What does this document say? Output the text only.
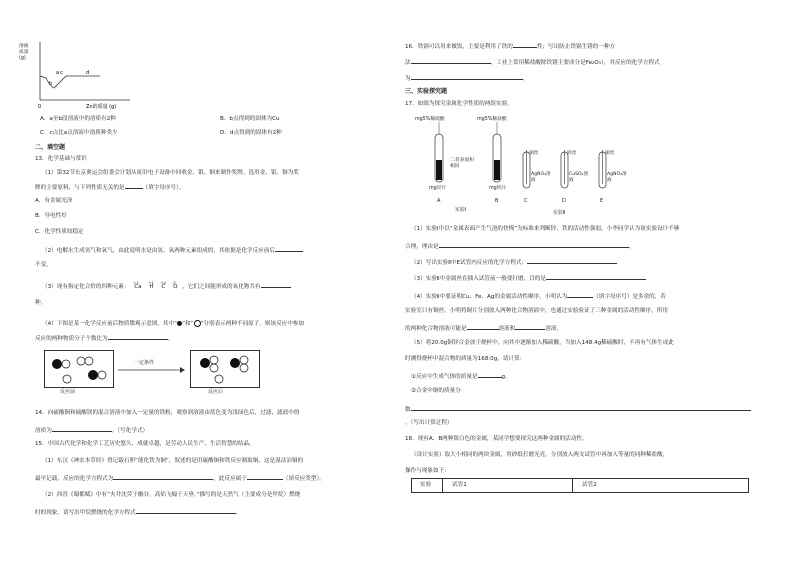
a
b
c	d
0	Zn的质量 (g)
溶液质量(g)
A．a至b段溶液中的溶质有2种	B．b点得到的固体为Cu
C．c点比a点溶液中溶质种类少	D．d点得到的固体有2种
二、填空题
13．化学基础与常识
（1）第32节东京奥运会组委会计划从废旧电子设备中回收金、银、铜来制作奖牌。选用金、银、铜为奖
牌的主要原料，与下列性质无关的是	（填字母序号）。
A．有金属光泽
B．导电性好
C．化学性质较稳定
（2）电解水生成氢气和氧气，由此说明水是由氢、氧两种元素组成的，其依据是化学反应前后
不变。
（3）现有指定化合价的四种元素：
+2
Ca
+1
H
+4
C
-2
O ，它们之间能形成的氧化物共有
种。
（4）下图是某一化学反应前后物质微观示意图，其中“ ”和“ ”分别表示两种不同原子。则该反应中参加
反应的两种物质分子个数比为	。
一定条件
反应前	反应后
14．向硫酸铜和硫酸镁的混合溶液中加入一定量的铁粉，观察到溶液由蓝色变为浅绿色后，过滤，滤液中的
溶质为	。（写化学式）
15．中国古代化学和化学工艺历史悠久、成就卓越，是劳动人民生产、生活智慧的结晶。
（1）东汉《神农本草经》曾记载石胆“能化铁为铜”，叙述的是用硫酸铜和铁反应制取铜，这是湿法冶铜的
最早记载，反应的化学方程式为	，此反应属于	（填反应类型）。
（2）西晋《蜀都赋》中有“火井沈荧于幽谷，高焰飞煽于天垂。”描写的是天然气（主要成分是甲烷）燃烧
时的现象，请写出甲烷燃烧的化学方程式	。
16．铁锅可以用来做饭，主要是利用了铁的	性；写出防止铁锅生锈的一种方
法	。工业上常用稀盐酸除铁锈主要成分是Fe₂O₃），其反应的化学方程式
为	。
三、实验探究题
17．如图为探究金属化学性质的两组实验。
mg5%稀硫酸	mg5%稀盐酸
二者表面积相同
mg锌片	mg铁片
A	B
实验Ⅰ
铜丝	铁丝	铜丝
AgNO₃溶液
CuSO₄溶液
AgNO₃溶液
C	D	E
实验Ⅱ
（1）实验Ⅰ中以“金属表面产生气泡的快慢”为标准来判断锌、铁的活动性强弱，小李同学认为该实验设计不够
合理，理由是	。
（2）写出实验Ⅱ中E试管内反应的化学方程式：
（3）实验Ⅱ中金属丝在插入试管前一般要打磨，目的是
（4）实验Ⅱ中要证明Cu、Fe、Ag的金属活动性顺序，小明认为	（填字母序号）是多余的，若
实验室只有铜丝，小明将铜片分别放入两种化合物溶液中，也通过实验验证了三种金属的活动性顺序，所用
的两种化合物溶液可能是	溶液和	溶液。
（5）将20.0g铜锌合金放于烧杯中，向其中逐渐加入稀硫酸，当加入148.4g稀硫酸时，不再有气体生成此
时测得烧杯中混合物的质量为168.0g，请计算：
①反应中生成气体的质量是	g。
②合金中铜的质量分
数
。（写出计算过程）
18．现有A、B两种银白色的金属，某同学想要探究这两种金属的活动性。
（设计实验）取大小相同的两块金属，用砂纸打磨光亮，分别放入两支试管中再加入等量的同种稀盐酸，
操作与现象如下：
实验	试管1	试管2
